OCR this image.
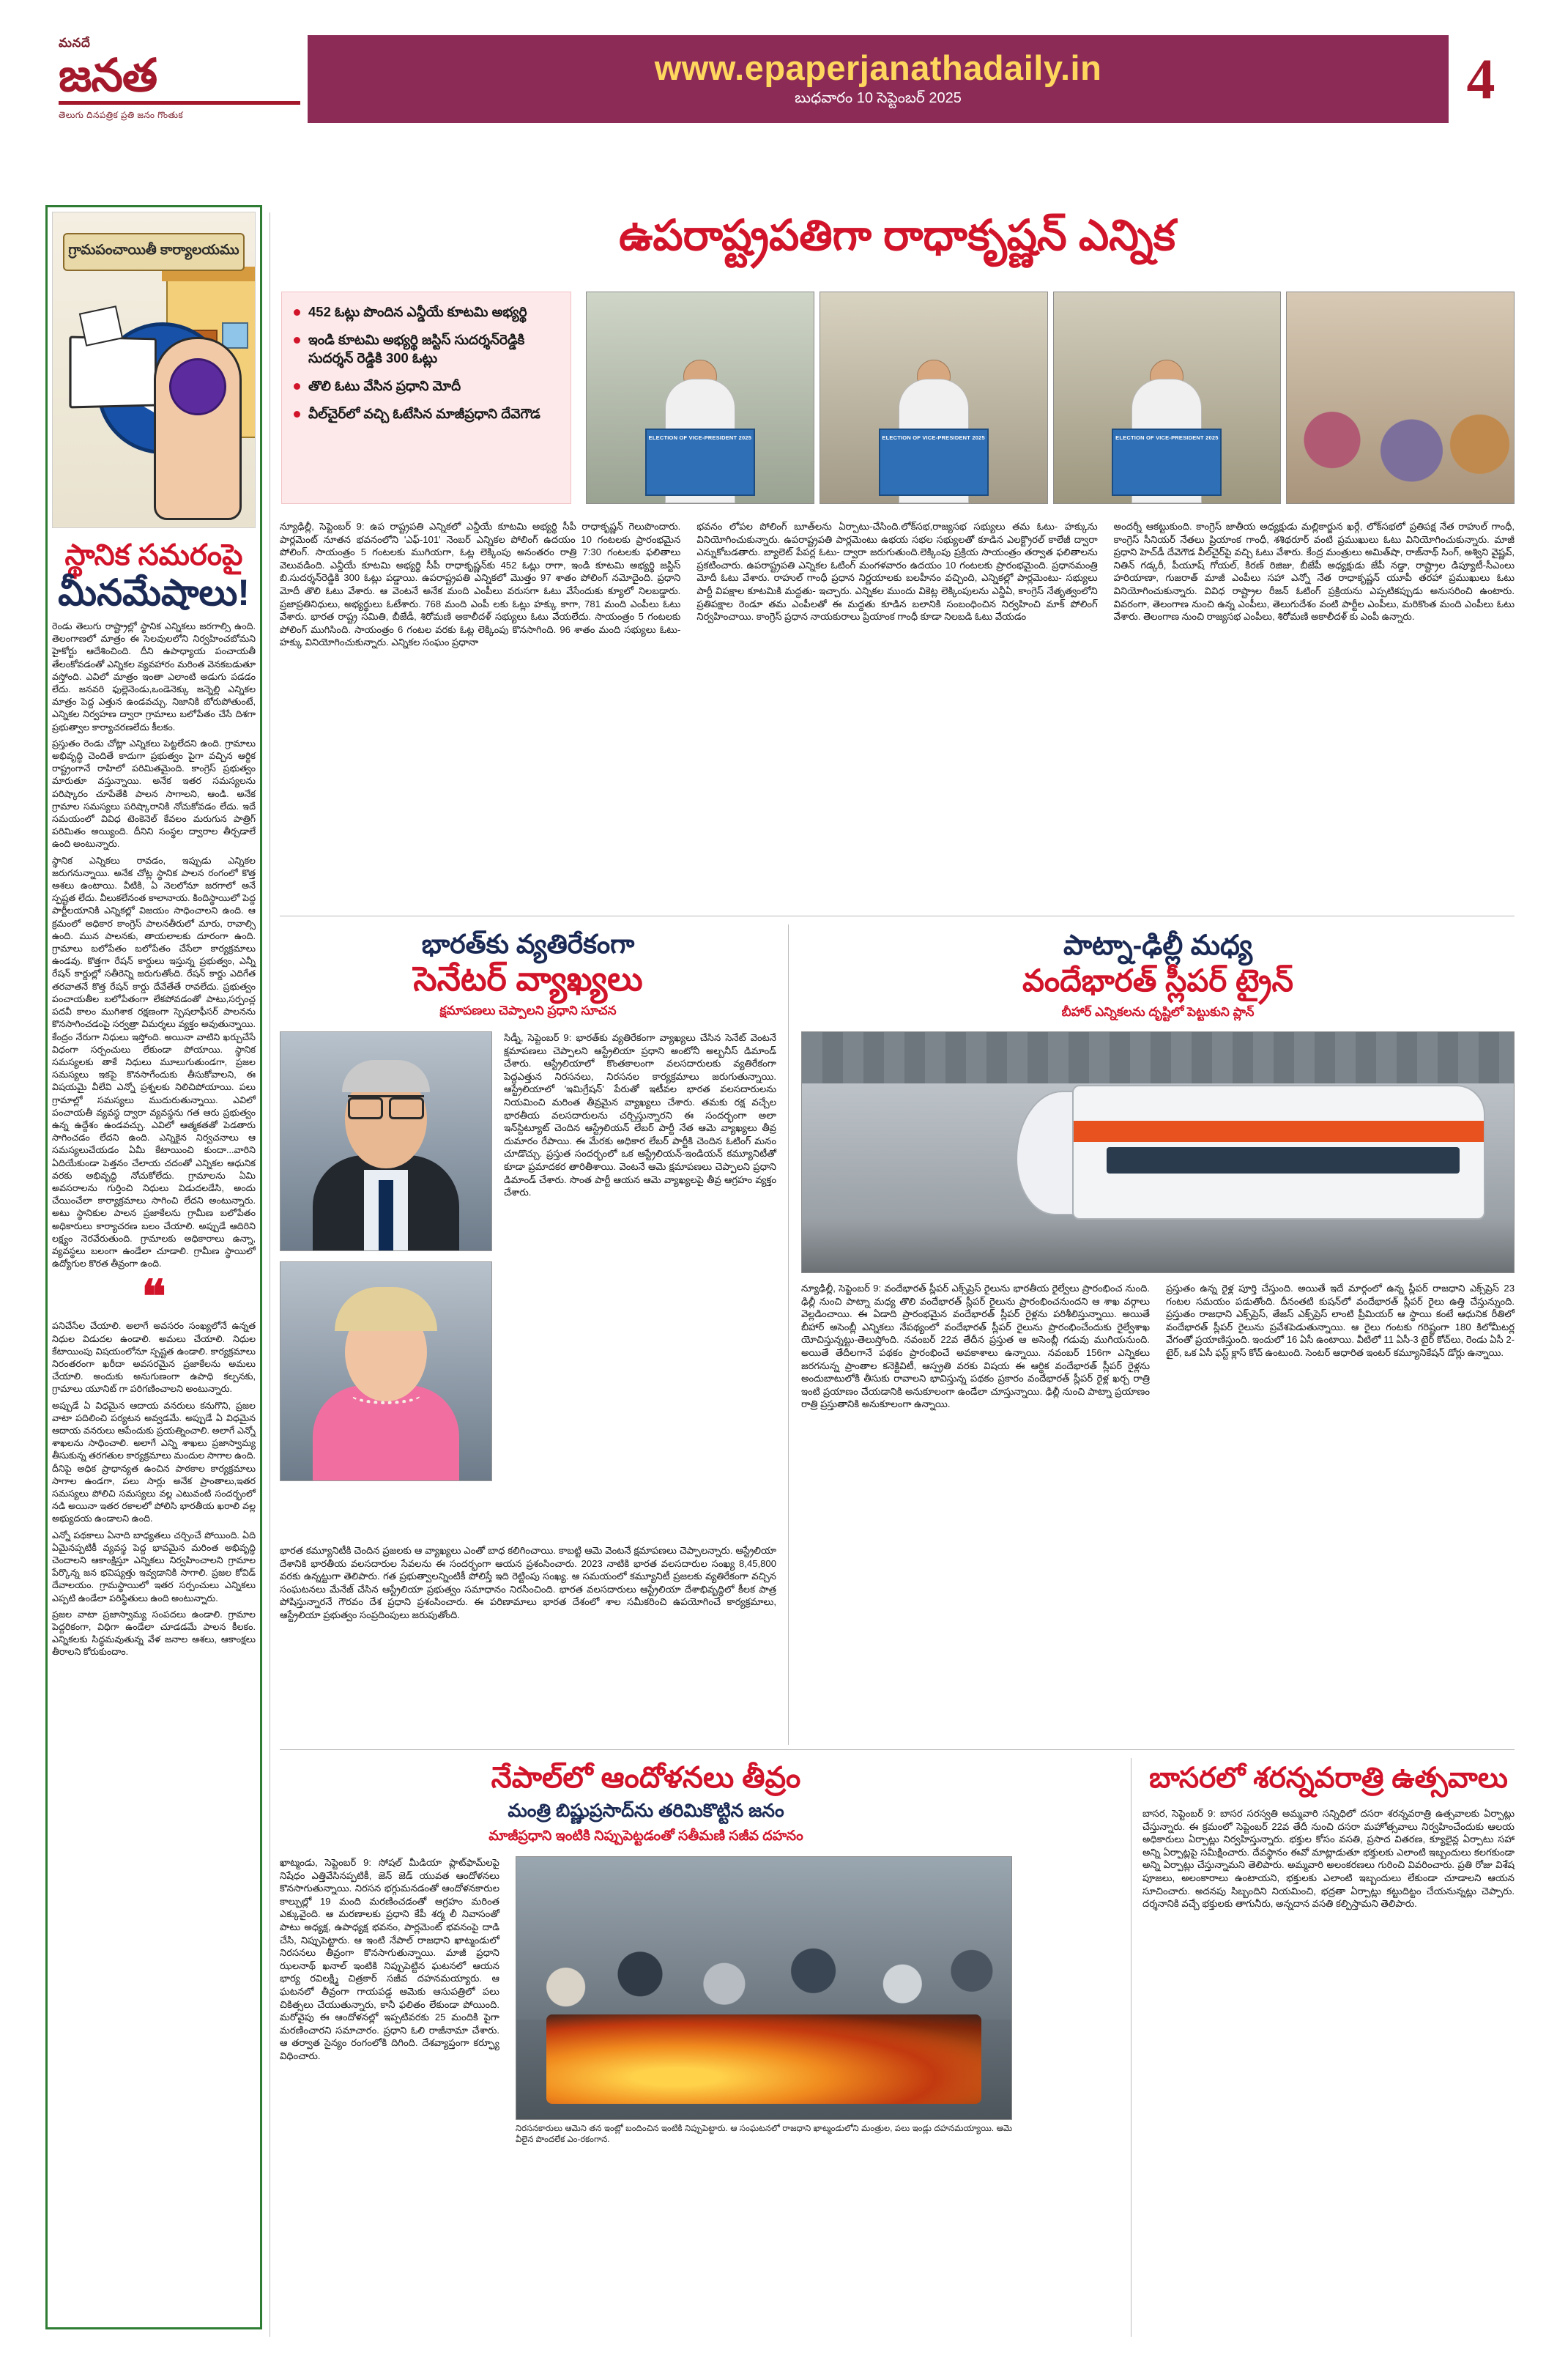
మనదే
జనత
తెలుగు దినపత్రిక ప్రతి జనం గొంతుక
www.epaperjanathadaily.in
బుధవారం 10 సెప్టెంబర్ 2025	4
గ్రామపంచాయితీ కార్యాలయము
స్థానిక సమరంపై
మీనమేషాలు!

రెండు తెలుగు రాష్ట్రాల్లో స్థానిక ఎన్నికలు జరగాల్సి ఉంది. తెలంగాణలో మాత్రం ఈ సెలవులలోని నిర్వహించబోమని హైకోర్టు ఆదేశించింది. దీని ఉపాధ్యాయ పంచాయతీ తేలంకోవడంతో ఎన్నికల వ్యవహారం మరింత వెనకబడుతూ వస్తోంది. ఎవిలో మాత్రం ఇంతా ఎలాంటి అడుగు పడడం లేదు. జనవరి ఫుల్లెనెండు,ఒండెనెక్కు జన్నెల్లి ఎన్నికల మాత్రం పెద్ద ఎత్తున ఉండవచ్చు. నిజానికి బోరుపోతుంటే, ఎన్నికల నిర్వహణ ద్వారా గ్రామాలు బలోపేతం చేసే దిశగా ప్రభుత్వాల కార్యాచరణలేదు కీలకం.

ప్రస్తుతం రెండు చోట్లా ఎన్నికలు పెట్టలేదని ఉంది. గ్రామాలు అభివృద్ధి చెందితే కాదుగా ప్రభుత్వం పైగా వచ్చిన ఆర్థిక రాష్ట్రంగానే రాహిలో పరిమితమైంది. కాంగ్రెస్ ప్రభుత్వం మారుతూ వస్తున్నాయి. అనేక ఇతర సమస్యలను పరిష్కారం చూపేతేకి పాలన సాగాలని, ఆండి. అనేక గ్రామాల సమస్యలు పరిష్కారానికి నోచుకోవడం లేదు. ఇదే సమయంలో వివిధ టెంకెనెల్ కేవలం మరుగున పాత్రిగ్ పరిమితం అయ్యింది. దీనిని సంస్థల ద్వారాల తీర్చడాలే ఉంది అంటున్నారు.

స్థానిక ఎన్నికలు రావడం, ఇప్పుడు ఎన్నికల జరుగనున్నాయి. అనేక చోట్ల స్థానిక పాలన రంగంలో కొత్త ఆశలు ఉంటాయి. వీటికి, ఏ నెలలోనూ జరగాలో అనే స్పష్టత లేదు. వీలుకలేనంత కాలానాయ. కిందిస్థాయిలో పెద్ద పార్టీలయానికి ఎన్నికల్లో విజయం సాధించాలని ఉంది. ఆ క్రమంలో అధికార కాంగ్రెస్ పాలనతీరులో మారు, రావాల్సి ఉంది. మున పాలనకు, తాయలాలకు దూరంగా ఉంది. గ్రామాలు బలోపేతం బలోపేతం చేసేలా కార్యక్రమాలు ఉండవు. కొత్తగా రేషన్ కార్డులు ఇస్తున్న ప్రభుత్వం, ఎన్నీ రేషన్ కార్డుల్లో సతీరెన్ని జరుగుతోంది. రేషన్ కార్డు ఎదిగేత తరవాతనే కొత్త రేషన్ కార్డు దేవేతేతే రావలేదు. ప్రభుత్వం పంచాయతీల బలోపేతంగా లేకపోవడంతో పాటు,సర్పంచ్ల పదవీ కాలం ముగిశాక రక్షణంగా స్పెషలాఫీసర్ పాలనను కొనసాగించడంపై సర్వత్రా విమర్శలు వ్యక్తం అవుతున్నాయి. కేంద్రం నేరుగా నిధులు ఇస్తోంది. అయినా వాటిని ఖర్చుచేసే విధంగా సర్పంచులు లేకుండా పోయాయి. స్థానిక సమస్యలకు తాకే నిధులు మూలుగుతుండగా, ప్రజల సమస్యలు ఇకపై కొనసాగేందుకు తీసుకోవాలని, ఈ విషయమై వీలేవి ఎన్నో ప్రశ్నలకు నిలిచిపోయాయి. పలు గ్రామాల్లో సమస్యలు ముదురుతున్నాయి. ఎవిలో పంచాయతీ వ్యవస్థ ద్వారా వ్యవస్థను గత ఆరు ప్రభుత్వం ఉన్న ఉద్దేశం ఉండవచ్చు. ఎవిలో ఆత్మకతతో పెడతారు సాగించడం లేదని ఉంది. ఎన్నికైన నిర్వచనాలు ఆ సమస్యలుచేయడం ఏమీ కేటాయించి కుందా...వారిని ఏదియేకుండా పెత్తనం చేలాయ చదంతో ఎన్నికల ఆధునిక వరకు అభివృద్ధి నోచుకోలేదు. గ్రామాలను ఏమి అవసరాలను గుర్తించి నిధులు విడుదలడేసి, అందు చేయించేలా కార్యాక్రమాలు సాగించి లేదని అంటున్నారు. అటు స్థానికుల పాలన ప్రజాకేలను గ్రామీణ బలోపేతం అధికారులు కార్యాచరణ బలం చేయాలి. అప్పుడే ఆదిరిని లక్ష్యం నెరవేరుతుంది. గ్రామాలకు అధికారాలు ఉన్నా, వ్యవస్థలు బలంగా ఉండేలా చూడాలి. గ్రామీణ స్థాయిలో ఉద్యోగుల కొరత తీవ్రంగా ఉంది.

❝

పనిచేసేల చేయాలి. అలాగే అవసరం సంఖ్యలోనే ఉన్నత నిధుల విడుదల ఉండాలి. అమలు చేయాలి. నిధుల కేటాయింపు విషయంలోనూ స్పష్టత ఉండాలి. కార్యక్రమాలు నిరంతరంగా ఖరీదా అవసరమైన ప్రజాకేలను అమలు చేయాలి. అందుకు అనుగుణంగా ఉపాధి కల్పనకు, గ్రామాలు యూనిట్ గా పరిగణించాలని అంటున్నారు.

అప్పుడే ఏ విధమైన ఆదాయ వనరులు కనుగొని, ప్రజల వాటా పదిలించి పర్యటన అవ్వడమే. అప్పుడే ఏ విధమైన ఆదాయ వనరులు ఆపేందుకు ప్రయత్నించాలి. అలాగే ఎన్నో శాఖలను సాధించాలి. అలాగే ఎన్ని శాఖలు ప్రజాస్వామ్య తీసుకున్న తరగతుల కార్యక్రమాలు మందుల సాగాల ఉంది. దీనిపై అధిక ప్రాధాన్యత ఉంచిన పాఠకాల కార్యక్రమాలు సాగాల ఉండగా, పలు సార్లు అనేక ప్రాంతాలు,ఇతర సమస్యలు పోలిచి సమస్యలు వల్ల ఎటువంటి సందర్భంలో నడి అయినా ఇతర రకాలలో పోలిసి భారతీయ ఖరాలి వల్ల అభ్యుదయ ఉండాలని ఉంది.

ఎన్నో పథకాలు ఏనాది బాధ్యతలు చర్చించే పోయింది. ఏది ఏమైనప్పటికీ వ్యవస్థ పెద్ద భావమైన మరింత అభివృద్ధి చెందాలని ఆకాంక్షిస్తూ ఎన్నికలు నిర్వహించాలని గ్రామాల పేర్కొన్న జన భవిష్యత్తు ఇవ్వడానికి సాగాలి. ప్రజల కోవిడ్ దేవాలయం. గ్రామస్థాయిలో ఇతర సర్పంచులు ఎన్నికలు ఎప్పటి ఉండేలా పరిస్థితులు ఉంది అంటున్నారు.

ప్రజల వాటా ప్రజాస్వామ్య సంపదలు ఉండాలి. గ్రామాల పెద్దరికంగా, విధిగా ఉండేలా చూడడమే పాలన కీలకం. ఎన్నికలకు సిద్ధమవుతున్న వేళ జనాల ఆశలు, ఆకాంక్షలు తీరాలని కోరుకుందాం.

ఉపరాష్ట్రపతిగా రాధాకృష్ణన్ ఎన్నిక
452 ఓట్లు పొందిన ఎన్డీయే కూటమి అభ్యర్థి
ఇండి కూటమి అభ్యర్థి జస్టిస్ సుదర్శన్‌రెడ్డికి సుదర్శన్ రెడ్డికి 300 ఓట్లు
తొలి ఓటు వేసిన ప్రధాని మోదీ
వీల్‌చైర్‌లో వచ్చి ఓటేసిన మాజీప్రధాని దేవెగౌడ
ELECTION OF VICE-PRESIDENT 2025	ELECTION OF VICE-PRESIDENT 2025	ELECTION OF VICE-PRESIDENT 2025

న్యూఢిల్లీ, సెప్టెంబర్ 9: ఉప రాష్ట్రపతి ఎన్నికలో ఎన్డీయే కూటమి అభ్యర్థి సీపీ రాధాకృష్ణన్ గెలుపొందారు. పార్లమెంట్ నూతన భవనంలోని 'ఎఫ్-101' నెంబర్ ఎన్నికల పోలింగ్ ఉదయం 10 గంటలకు ప్రారంభమైన పోలింగ్. సాయంత్రం 5 గంటలకు ముగియగా, ఓట్ల లెక్కింపు అనంతరం రాత్రి 7:30 గంటలకు ఫలితాలు వెలువడింది. ఎన్డీయే కూటమి అభ్యర్థి సీపీ రాధాకృష్ణన్‌కు 452 ఓట్లు రాగా, ఇండి కూటమి అభ్యర్థి జస్టిస్ బి.సుదర్శన్‌రెడ్డికి 300 ఓట్లు పడ్డాయి. ఉపరాష్ట్రపతి ఎన్నికలో మొత్తం 97 శాతం పోలింగ్ నమోదైంది. ప్రధాని మోదీ తొలి ఓటు వేశారు. ఆ వెంటనే అనేక మంది ఎంపీలు వరుసగా ఓటు వేసేందుకు క్యూలో నిలబడ్డారు. ప్రజాప్రతినిధులు, అభ్యర్థులు ఓటేశారు. 768 మంది ఎంపీ లకు ఓట్లు హక్కు కాగా, 781 మంది ఎంపీలు ఓటు వేశారు. భారత రాష్ట్ర సమితి, బీజేడీ, శిరోమణి అకాలీదళ్ సభ్యులు ఓటు వేయలేదు. సాయంత్రం 5 గంటలకు పోలింగ్ ముగిసింది. సాయంత్రం 6 గంటల వరకు ఓట్ల లెక్కింపు కొనసాగింది. 96 శాతం మంది సభ్యులు ఓటు- హక్కు వినియోగించుకున్నారు. ఎన్నికల సంఘం ప్రధానా

భవనం లోపల పోలింగ్ బూత్‌లను ఏర్పాటు-చేసింది.లోక్‌సభ,రాజ్యసభ సభ్యులు తమ ఓటు- హక్కును వినియోగించుకున్నారు. ఉపరాష్ట్రపతి పార్లమెంటు ఉభయ సభల సభ్యులతో కూడిన ఎలక్ట్రొరల్ కాలేజీ ద్వారా ఎన్నుకోబడతారు. బ్యాలెట్ పేపర్ల ఓటు- ద్వారా జరుగుతుంది.లెక్కింపు ప్రక్రియ సాయంత్రం తర్వాత ఫలితాలను ప్రకటించారు. ఉపరాష్ట్రపతి ఎన్నికల ఓటింగ్ మంగళవారం ఉదయం 10 గంటలకు ప్రారంభమైంది. ప్రధానమంత్రి మోదీ ఓటు వేశారు. రాహుల్ గాంధీ ప్రధాన నిర్ణయాలకు బలహీనం వచ్చింది, ఎన్నికల్లో పార్లమెంటు- సభ్యులు పార్టీ విపక్షాల కూటమికి మద్దతు- ఇచ్చారు. ఎన్నికల ముందు వికెట్ల లెక్కింపులను ఎన్డీఏ, కాంగ్రెస్ నేతృత్వంలోని ప్రతిపక్షాల రెండూ తమ ఎంపీలతో ఈ మద్దతు కూడిన బలానికి సంబంధించిన నిర్వహించి మాక్ పోలింగ్ నిర్వహించాయి. కాంగ్రెస్ ప్రధాన నాయకురాలు ప్రియాంక గాంధీ కూడా నిలబడి ఓటు వేయడం

అందర్నీ ఆకట్టుకుంది. కాంగ్రెస్ జాతీయ అధ్యక్షుడు మల్లికార్జున ఖర్గే, లోక్‌సభలో ప్రతిపక్ష నేత రాహుల్ గాంధీ, కాంగ్రెస్ సీనియర్ నేతలు ప్రియాంక గాంధీ, శశిథరూర్ వంటి ప్రముఖులు ఓటు వినియోగించుకున్నారు. మాజీ ప్రధాని హెచ్‌డీ దేవెగౌడ వీల్‌చైర్‌పై వచ్చి ఓటు వేశారు. కేంద్ర మంత్రులు అమిత్‌షా, రాజ్‌నాథ్ సింగ్, అశ్విని వైష్ణవ్, నితిన్ గడ్కరీ, పీయూష్ గోయల్, కిరణ్ రిజిజు, బీజేపీ అధ్యక్షుడు జేపీ నడ్డా, రాష్ట్రాల డిప్యూటీ-సీఎంలు హరియాణా, గుజరాత్ మాజీ ఎంపీలు సహా ఎన్నో నేత రాధాకృష్ణన్ యూపీ తరహా ప్రముఖులు ఓటు వినియోగించుకున్నారు. వివిధ రాష్ట్రాల రీజన్ ఓటింగ్ ప్రక్రియను ఎప్పటికప్పుడు అనుసరించి ఉంటారు. వివరంగా, తెలంగాణ నుంచి ఉన్న ఎంపీలు, తెలుగుదేశం వంటి పార్టీల ఎంపీలు, మరికొంత మంది ఎంపీలు ఓటు వేశారు. తెలంగాణ నుంచి రాజ్యసభ ఎంపీలు, శిరోమణి అకాలీదళ్ కు ఎంపీ ఉన్నారు.

భారత్‌కు వ్యతిరేకంగా
సెనేటర్ వ్యాఖ్యలు
క్షమాపణలు చెప్పాలని ప్రధాని సూచన

సిడ్నీ, సెప్టెంబర్ 9: భారత్‌కు వ్యతిరేకంగా వ్యాఖ్యలు చేసిన సెనేట్ వెంటనే క్షమాపణలు చెప్పాలని ఆస్ట్రేలియా ప్రధాని అంటోనీ అల్బనీస్ డిమాండ్ చేశారు. ఆస్ట్రేలియాలో కొంతకాలంగా వలసదారులకు వ్యతిరేకంగా పెద్దఎత్తున నిరసనలు, నిరసనల కార్యక్రమాలు జరుగుతున్నాయి. ఆస్ట్రేలియాలో 'ఇమిగ్రేషన్' పేరుతో ఇటీవల భారత వలసదారులను నియమించి మరింత తీవ్రమైన వ్యాఖ్యలు చేశారు. తమకు రక్ష వచ్చేల భారతీయ వలసదారులను చర్చిస్తున్నారని ఈ సందర్భంగా అలా ఇన్‌స్టిట్యూట్ చెందిన ఆస్ట్రేలియన్ లేబర్ పార్టీ నేత ఆమె వ్యాఖ్యలు తీవ్ర దుమారం రేపాయి. ఈ మేరకు అధికార లేబర్ పార్టీకి చెందిన ఓటింగ్ మనం చూడొచ్చు. ప్రస్తుత సందర్భంలో ఒక ఆస్ట్రేలియన్-ఇండియన్ కమ్యూనిటీతో కూడా ప్రమాదకర తారితీశాయి. వెంటనే ఆమె క్షమాపణలు చెప్పాలని ప్రధాని డిమాండ్ చేశారు. సొంత పార్టీ ఆయన ఆమె వ్యాఖ్యలపై తీవ్ర ఆగ్రహం వ్యక్తం చేశారు.

భారత కమ్యూనిటీకి చెందిన ప్రజలకు ఆ వ్యాఖ్యలు ఎంతో బాధ కలిగించాయి. కాబట్టి ఆమె వెంటనే క్షమాపణలు చెప్పాలన్నారు. ఆస్ట్రేలియా దేశానికి భారతీయ వలసదారుల సేవలను ఈ సందర్భంగా ఆయన ప్రశంసించారు. 2023 నాటికి భారత వలసదారుల సంఖ్య 8,45,800 వరకు ఉన్నట్టుగా తెలిపారు. గత ప్రభుత్వాలన్నింటికీ పోలిస్తే ఇది రెట్టింపు సంఖ్య. ఆ సమయంలో కమ్యూనిటీ ప్రజలకు వ్యతిరేకంగా వచ్చిన సంఘటనలు మేనేజ్ చేసిన ఆస్ట్రేలియా ప్రభుత్వం సమాధానం నిరసించింది. భారత వలసదారులు ఆస్ట్రేలియా దేశాభివృద్ధిలో కీలక పాత్ర పోషిస్తున్నారనే గౌరవం దేశ ప్రధాని ప్రశంసించారు. ఈ పరిణామాలు భారత దేశంలో శాల సమీకరించి ఉపయోగించే కార్యక్రమాలు, ఆస్ట్రేలియా ప్రభుత్వం సంప్రదింపులు జరుపుతోంది.

పాట్నా-ఢిల్లీ మధ్య
వందేభారత్ స్లీపర్ ట్రైన్
బీహార్ ఎన్నికలను దృష్టిలో పెట్టుకుని ప్లాన్

న్యూఢిల్లీ, సెప్టెంబర్ 9: వందేభారత్ స్లీపర్ ఎక్స్‌ప్రెస్ రైలును భారతీయ రైల్వేలు ప్రారంభించ నుంది. ఢిల్లీ నుంచి పాట్నా మధ్య తొలి వందేభారత్ స్లీపర్ రైలును ప్రారంభించనుందని ఆ శాఖ వర్గాలు వెల్లడించాయి. ఈ ఏడాది ప్రారంభమైన వందేభారత్ స్లీపర్ రైళ్లను పరిశీలిస్తున్నాయి. అయితే బీహార్ అసెంబ్లీ ఎన్నికలు నేపథ్యంలో వందేభారత్ స్లీపర్ రైలును ప్రారంభించేందుకు రైల్వేశాఖ యోచిస్తున్నట్టు-తెలుస్తోంది. నవంబర్ 22వ తేదీన ప్రస్తుత ఆ అసెంబ్లీ గడువు ముగియనుంది. అయితే తేదీలగానే పథకం ప్రారంభించే అవకాశాలు ఉన్నాయి. నవంబర్ 156గా ఎన్నికలు జరగనున్న ప్రాంతాల కనెక్టివిటీ, ఆస్ప్రతి వరకు విషయ ఈ ఆర్థిక వందేభారత్ స్లీపర్ రైళ్లను అందుబాటులోకి తీసుకు రావాలని భావిస్తున్న పథకం ప్రకారం వందేభారత్ స్లీపర్ రైళ్ల ఖర్చ రాత్రి ఇంటి ప్రయాణం చేయడానికి అనుకూలంగా ఉండేలా చూస్తున్నాయి. ఢిల్లీ నుంచి పాట్నా ప్రయాణం రాత్రి ప్రస్తుతానికి అనుకూలంగా ఉన్నాయి.

ప్రస్తుతం ఉన్న రైళ్ల పూర్తి చేస్తుంది. అయితే ఇదే మార్గంలో ఉన్న స్లీపర్ రాజధాని ఎక్స్‌ప్రెస్ 23 గంటల సమయం పడుతోంది. దీనంతటి కుషన్‌లో వందేభారత్ స్లీపర్ రైలు ఉత్తి చేస్తున్నుంది. ప్రస్తుతం రాజధాని ఎక్స్‌ప్రెస్, తేజస్ ఎక్స్‌ప్రెస్ లాంటి ప్రీమియర్ ఆ స్థాయి కంటే ఆధునిక రీతిలో వందేభారత్ స్లీపర్ రైలును ప్రవేశపెడుతున్నాయి. ఆ రైలు గంటకు గరిష్టంగా 180 కిలోమీటర్ల వేగంతో ప్రయాణిస్తుంది. ఇందులో 16 ఏసీ ఉంటాయి. వీటిలో 11 ఏసీ-3 టైర్ కోచ్‌లు, రెండు ఏసీ 2-టైర్, ఒక ఏసీ ఫస్ట్ క్లాస్ కోచ్ ఉంటుంది. సెంటర్ ఆధారిత ఇంటర్ కమ్యూనికేషన్ డోర్లు ఉన్నాయి.

నేపాల్‌లో ఆందోళనలు తీవ్రం
మంత్రి బిష్ణుప్రసాద్‌ను తరిమికొట్టిన జనం
మాజీప్రధాని ఇంటికి నిప్పుపెట్టడంతో సతీమణి సజీవ దహనం

ఖాట్మండు, సెప్టెంబర్ 9: సోషల్ మీడియా ప్లాట్‌ఫామ్‌లపై నిషేధం ఎత్తివేసినప్పటికీ, జెన్ జెడ్ యువత ఆందోళనలు కొనసాగుతున్నాయి. నిరసన భగ్గుమనడంతో ఆందోళనకారుల కాల్పుల్లో 19 మంది మరణించడంతో ఆగ్రహం మరింత ఎక్కువైంది. ఆ మరణాలకు ప్రధాని కేపీ శర్మ లీ నివాసంతో పాటు అధ్యక్ష, ఉపాధ్యక్ష భవనం, పార్లమెంట్ భవనంపై దాడి చేసి, నిప్పుపెట్టారు. ఆ ఇంటి నేపాల్ రాజధాని ఖాట్మండులో నిరసనలు తీవ్రంగా కొనసాగుతున్నాయి. మాజీ ప్రధాని ఝలనాథ్ ఖనాల్ ఇంటికి నిప్పుపెట్టిన ఘటనలో ఆయన భార్య రవిలక్ష్మి చిత్రకార్ సజీవ దహనమయ్యారు. ఆ ఘటనలో తీవ్రంగా గాయపడ్డ ఆమెకు ఆసుపత్రిలో పలు చికిత్సలు చేయుతున్నారు, కానీ ఫలితం లేకుండా పోయింది. మరోవైపు ఈ ఆందోళనల్లో ఇప్పటివరకు 25 మందికి పైగా మరణించారని సమాచారం. ప్రధాని ఓలి రాజీనామా చేశారు. ఆ తర్వాత సైన్యం రంగంలోకి దిగింది. దేశవ్యాప్తంగా కర్ఫ్యూ విధించారు.

నిరసనకారులు ఆమెని తన ఇంట్లో బందించిన ఇంటికి నిప్పుపెట్టారు. ఆ సంఘటనలో రాజధాని ఖాట్మండులోని మంత్రుల, పలు ఇండ్లు దహనమయ్యాయి. ఆమె వీలైన పొందలేక ఎం-రకంగాన.
బాసరలో శరన్నవరాత్రి ఉత్సవాలు

బాసర, సెప్టెంబర్ 9: బాసర సరస్వతి అమ్మవారి సన్నిధిలో దసరా శరన్నవరాత్రి ఉత్సవాలకు ఏర్పాట్లు చేస్తున్నారు. ఈ క్రమంలో సెప్టెంబర్ 22వ తేదీ నుంచి దసరా మహోత్సవాలు నిర్వహించేందుకు ఆలయ అధికారులు ఏర్పాట్లు నిర్వహిస్తున్నారు. భక్తుల కోసం వసతి, ప్రసాద వితరణ, క్యూలైన్ల ఏర్పాటు సహా అన్ని ఏర్పాట్లపై సమీక్షించారు. దేవస్థానం ఈవో మాట్లాడుతూ భక్తులకు ఎలాంటి ఇబ్బందులు కలగకుండా అన్ని ఏర్పాట్లు చేస్తున్నామని తెలిపారు. అమ్మవారి అలంకరణలు గురించి వివరించారు. ప్రతి రోజు విశేష పూజలు, అలంకారాలు ఉంటాయని, భక్తులకు ఎలాంటి ఇబ్బందులు లేకుండా చూడాలని ఆయన సూచించారు. అదనపు సిబ్బందిని నియమించి, భద్రతా ఏర్పాట్లు కట్టుదిట్టం చేయనున్నట్లు చెప్పారు. దర్శనానికి వచ్చే భక్తులకు తాగునీరు, అన్నదాన వసతి కల్పిస్తామని తెలిపారు.
